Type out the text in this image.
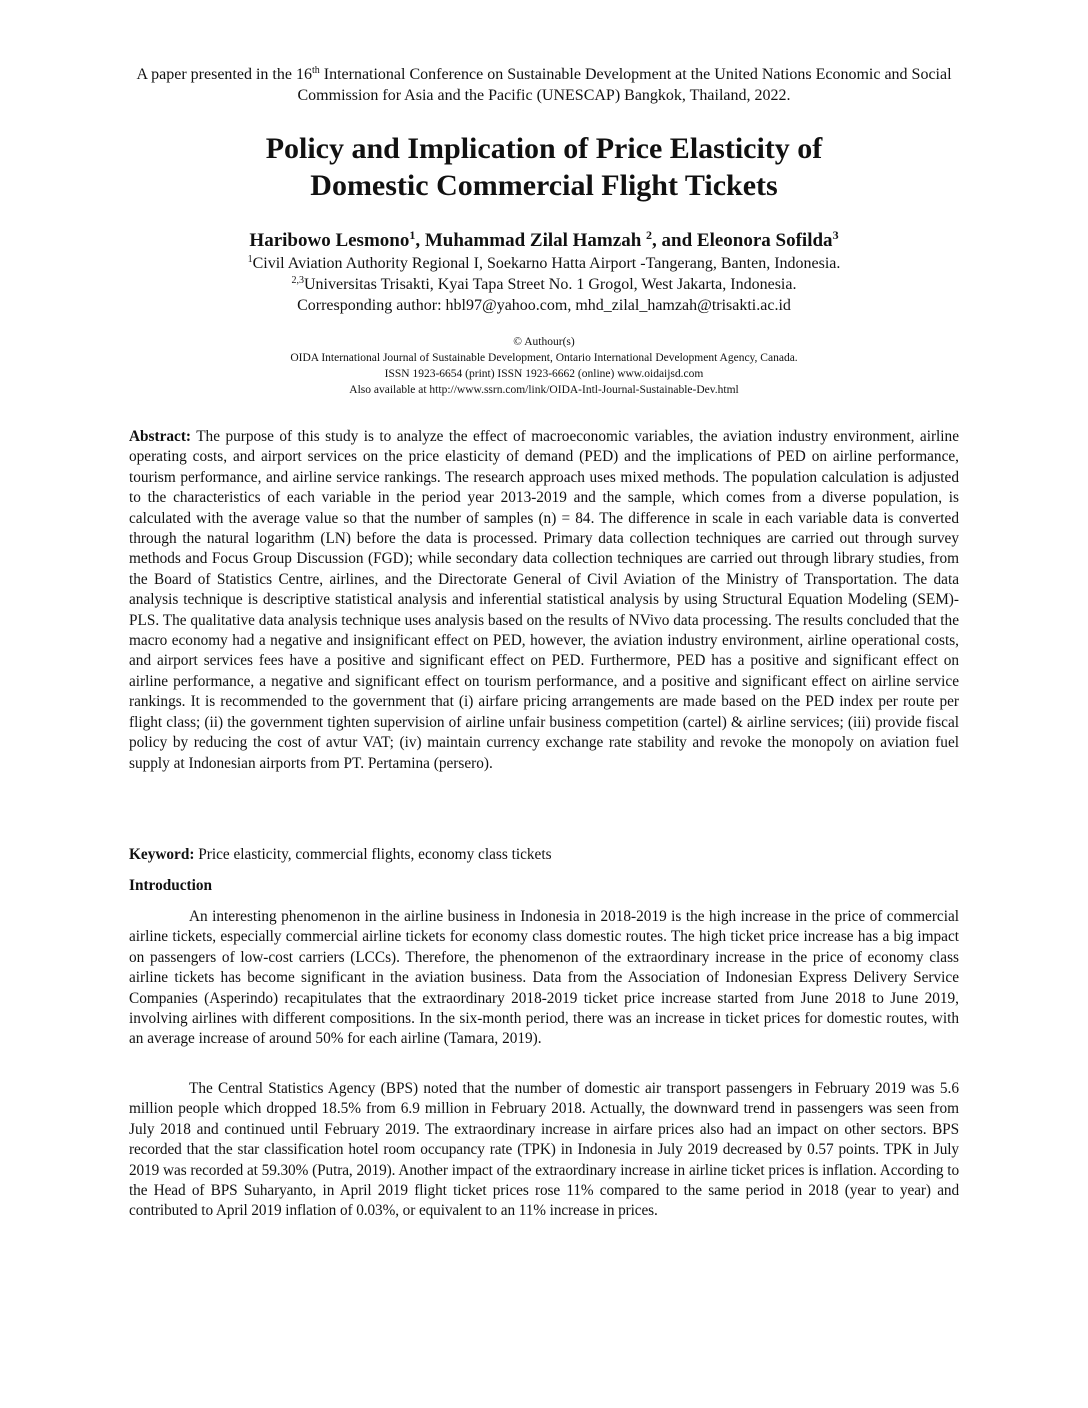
A paper presented in the 16th International Conference on Sustainable Development at the United Nations Economic and Social Commission for Asia and the Pacific (UNESCAP) Bangkok, Thailand, 2022.
Policy and Implication of Price Elasticity of
Domestic Commercial Flight Tickets
Haribowo Lesmono$^1$, Muhammad Zilal Hamzah $^2$, and Eleonora Sofilda$^3$
$^1$Civil Aviation Authority Regional I, Soekarno Hatta Airport -Tangerang, Banten, Indonesia.
$^{2,3}$Universitas Trisakti, Kyai Tapa Street No. 1 Grogol, West Jakarta, Indonesia.
Corresponding author: hbl97@yahoo.com, mhd_zilal_hamzah@trisakti.ac.id
© Authour(s)
OIDA International Journal of Sustainable Development, Ontario International Development Agency, Canada.
ISSN 1923-6654 (print) ISSN 1923-6662 (online) www.oidaijsd.com
Also available at http://www.ssrn.com/link/OIDA-Intl-Journal-Sustainable-Dev.html
Abstract: The purpose of this study is to analyze the effect of macroeconomic variables, the aviation industry environment, airline operating costs, and airport services on the price elasticity of demand (PED) and the implications of PED on airline performance, tourism performance, and airline service rankings. The research approach uses mixed methods. The population calculation is adjusted to the characteristics of each variable in the period year 2013-2019 and the sample, which comes from a diverse population, is calculated with the average value so that the number of samples (n) = 84. The difference in scale in each variable data is converted through the natural logarithm (LN) before the data is processed. Primary data collection techniques are carried out through survey methods and Focus Group Discussion (FGD); while secondary data collection techniques are carried out through library studies, from the Board of Statistics Centre, airlines, and the Directorate General of Civil Aviation of the Ministry of Transportation. The data analysis technique is descriptive statistical analysis and inferential statistical analysis by using Structural Equation Modeling (SEM)-PLS. The qualitative data analysis technique uses analysis based on the results of NVivo data processing. The results concluded that the macro economy had a negative and insignificant effect on PED, however, the aviation industry environment, airline operational costs, and airport services fees have a positive and significant effect on PED. Furthermore, PED has a positive and significant effect on airline performance, a negative and significant effect on tourism performance, and a positive and significant effect on airline service rankings. It is recommended to the government that (i) airfare pricing arrangements are made based on the PED index per route per flight class; (ii) the government tighten supervision of airline unfair business competition (cartel) & airline services; (iii) provide fiscal policy by reducing the cost of avtur VAT; (iv) maintain currency exchange rate stability and revoke the monopoly on aviation fuel supply at Indonesian airports from PT. Pertamina (persero).
Keyword: Price elasticity, commercial flights, economy class tickets
Introduction
An interesting phenomenon in the airline business in Indonesia in 2018-2019 is the high increase in the price of commercial airline tickets, especially commercial airline tickets for economy class domestic routes. The high ticket price increase has a big impact on passengers of low-cost carriers (LCCs). Therefore, the phenomenon of the extraordinary increase in the price of economy class airline tickets has become significant in the aviation business. Data from the Association of Indonesian Express Delivery Service Companies (Asperindo) recapitulates that the extraordinary 2018-2019 ticket price increase started from June 2018 to June 2019, involving airlines with different compositions. In the six-month period, there was an increase in ticket prices for domestic routes, with an average increase of around 50% for each airline (Tamara, 2019).
The Central Statistics Agency (BPS) noted that the number of domestic air transport passengers in February 2019 was 5.6 million people which dropped 18.5% from 6.9 million in February 2018. Actually, the downward trend in passengers was seen from July 2018 and continued until February 2019. The extraordinary increase in airfare prices also had an impact on other sectors. BPS recorded that the star classification hotel room occupancy rate (TPK) in Indonesia in July 2019 decreased by 0.57 points. TPK in July 2019 was recorded at 59.30% (Putra, 2019). Another impact of the extraordinary increase in airline ticket prices is inflation. According to the Head of BPS Suharyanto, in April 2019 flight ticket prices rose 11% compared to the same period in 2018 (year to year) and contributed to April 2019 inflation of 0.03%, or equivalent to an 11% increase in prices.
